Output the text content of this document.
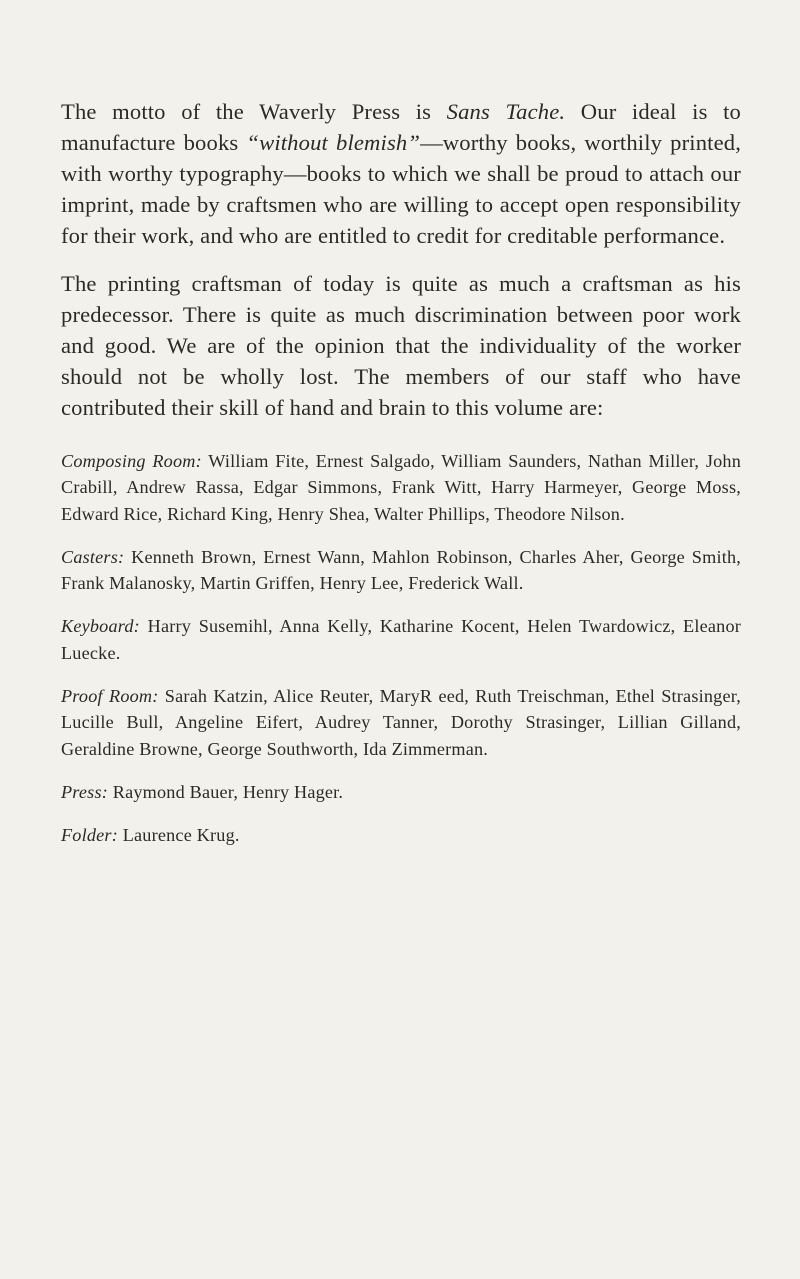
The motto of the Waverly Press is Sans Tache. Our ideal is to manufacture books “without blemish”—worthy books, worthily printed, with worthy typography—books to which we shall be proud to attach our imprint, made by craftsmen who are willing to accept open responsibility for their work, and who are entitled to credit for creditable performance.

The printing craftsman of today is quite as much a craftsman as his predecessor. There is quite as much discrimination between poor work and good. We are of the opinion that the individuality of the worker should not be wholly lost. The members of our staff who have contributed their skill of hand and brain to this volume are:

Composing Room: William Fite, Ernest Salgado, William Saunders, Nathan Miller, John Crabill, Andrew Rassa, Edgar Simmons, Frank Witt, Harry Harmeyer, George Moss, Edward Rice, Richard King, Henry Shea, Walter Phillips, Theodore Nilson.

Casters: Kenneth Brown, Ernest Wann, Mahlon Robinson, Charles Aher, George Smith, Frank Malanosky, Martin Griffen, Henry Lee, Frederick Wall.

Keyboard: Harry Susemihl, Anna Kelly, Katharine Kocent, Helen Twardowicz, Eleanor Luecke.

Proof Room: Sarah Katzin, Alice Reuter, MaryR eed, Ruth Treischman, Ethel Strasinger, Lucille Bull, Angeline Eifert, Audrey Tanner, Dorothy Strasinger, Lillian Gilland, Geraldine Browne, George Southworth, Ida Zimmerman.

Press: Raymond Bauer, Henry Hager.

Folder: Laurence Krug.
